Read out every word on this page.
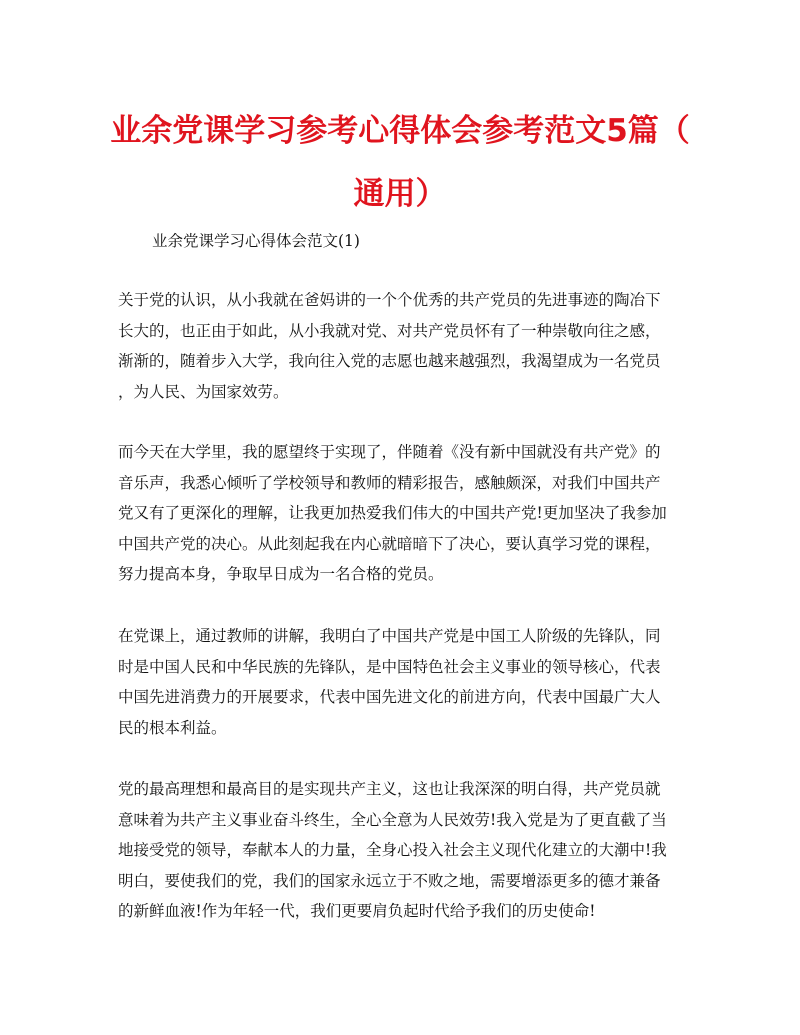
业余党课学习参考心得体会参考范文5篇（
通用）
业余党课学习心得体会范文(1)
关于党的认识，从小我就在爸妈讲的一个个优秀的共产党员的先进事迹的陶冶下
长大的，也正由于如此，从小我就对党、对共产党员怀有了一种崇敬向往之感，
渐渐的，随着步入大学，我向往入党的志愿也越来越强烈，我渴望成为一名党员
，为人民、为国家效劳。
而今天在大学里，我的愿望终于实现了，伴随着《没有新中国就没有共产党》的
音乐声，我悉心倾听了学校领导和教师的精彩报告，感触颇深，对我们中国共产
党又有了更深化的理解，让我更加热爱我们伟大的中国共产党!更加坚决了我参加
中国共产党的决心。从此刻起我在内心就暗暗下了决心，要认真学习党的课程，
努力提高本身，争取早日成为一名合格的党员。
在党课上，通过教师的讲解，我明白了中国共产党是中国工人阶级的先锋队，同
时是中国人民和中华民族的先锋队，是中国特色社会主义事业的领导核心，代表
中国先进消费力的开展要求，代表中国先进文化的前进方向，代表中国最广大人
民的根本利益。
党的最高理想和最高目的是实现共产主义，这也让我深深的明白得，共产党员就
意味着为共产主义事业奋斗终生，全心全意为人民效劳!我入党是为了更直截了当
地接受党的领导，奉献本人的力量，全身心投入社会主义现代化建立的大潮中!我
明白，要使我们的党，我们的国家永远立于不败之地，需要增添更多的德才兼备
的新鲜血液!作为年轻一代，我们更要肩负起时代给予我们的历史使命!
